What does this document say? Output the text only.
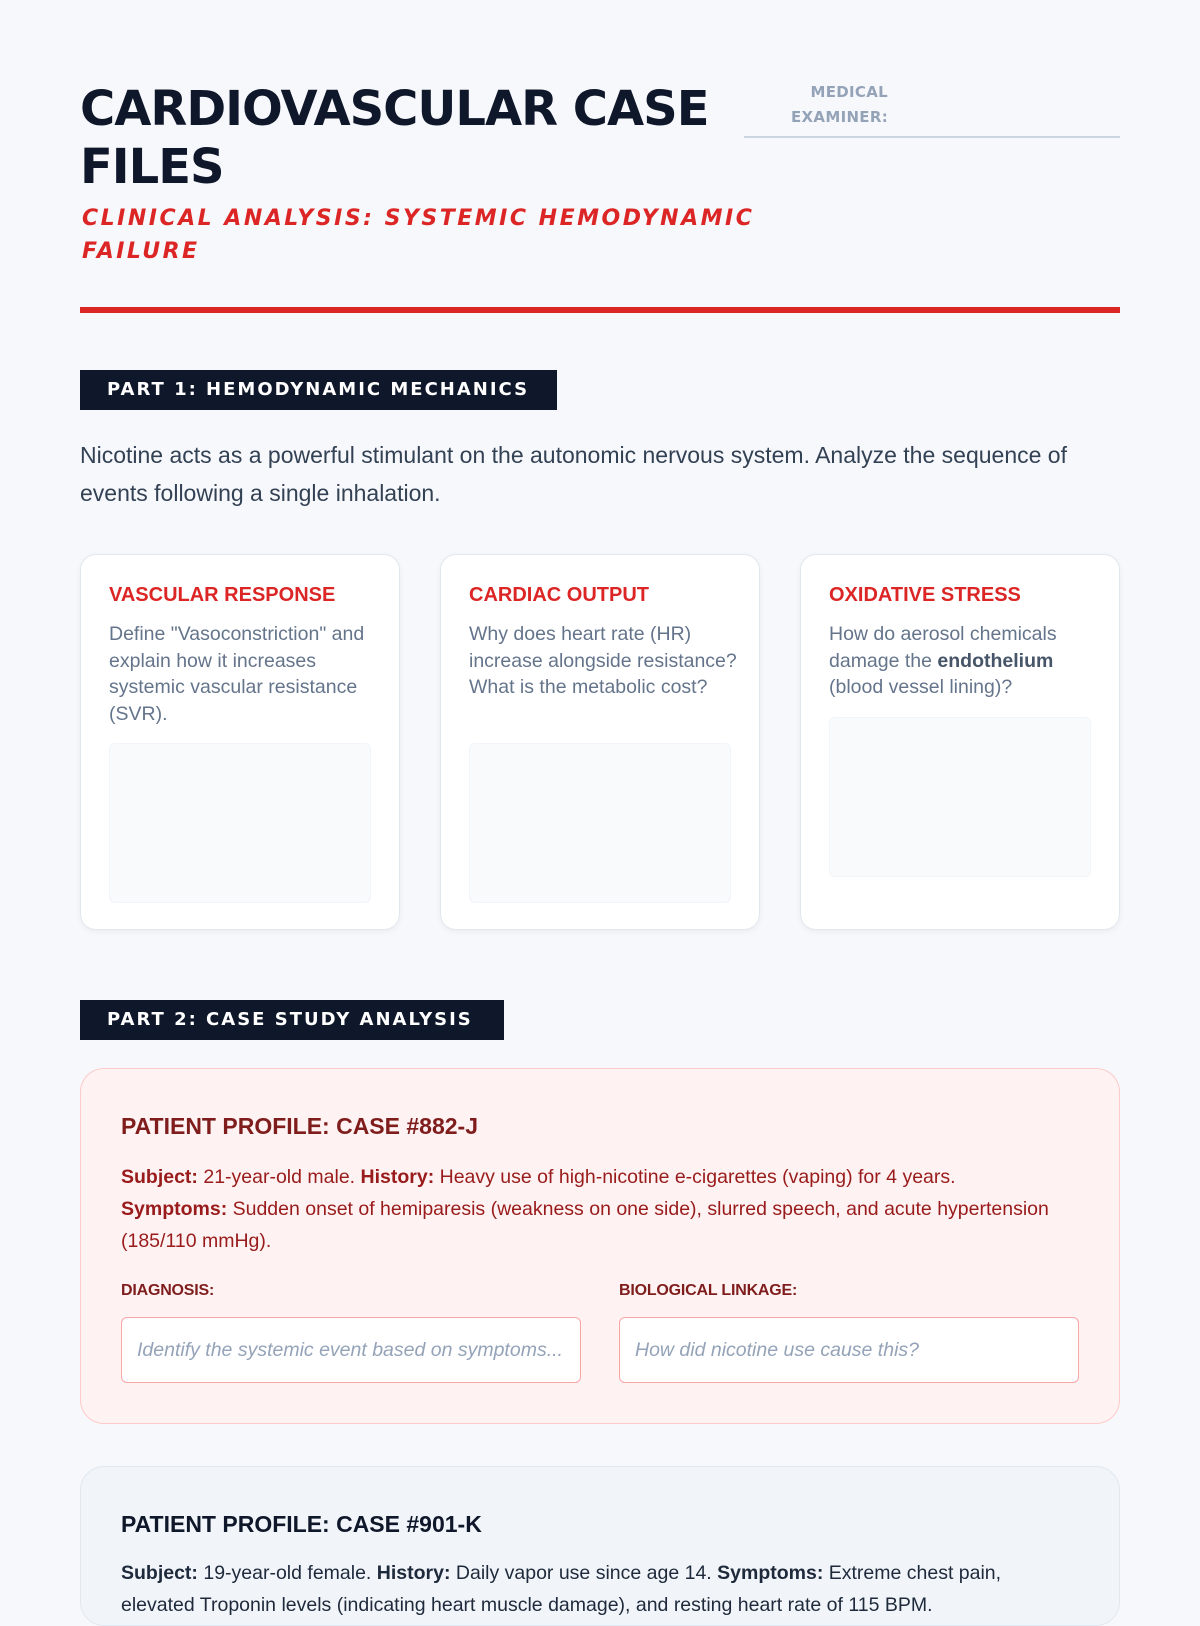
CARDIOVASCULAR CASE FILES
CLINICAL ANALYSIS: SYSTEMIC HEMODYNAMIC FAILURE
MEDICAL EXAMINER:
PART 1: HEMODYNAMIC MECHANICS

Nicotine acts as a powerful stimulant on the autonomic nervous system. Analyze the sequence of events following a single inhalation.

VASCULAR RESPONSE
Define "Vasoconstriction" and explain how it increases systemic vascular resistance (SVR).
CARDIAC OUTPUT
Why does heart rate (HR) increase alongside resistance? What is the metabolic cost?
OXIDATIVE STRESS
How do aerosol chemicals damage the endothelium (blood vessel lining)?
PART 2: CASE STUDY ANALYSIS
PATIENT PROFILE: CASE #882-J

Subject: 21-year-old male. History: Heavy use of high-nicotine e-cigarettes (vaping) for 4 years.
Symptoms: Sudden onset of hemiparesis (weakness on one side), slurred speech, and acute hypertension (185/110 mmHg).

DIAGNOSIS:
Identify the systemic event based on symptoms...
BIOLOGICAL LINKAGE:
How did nicotine use cause this?
PATIENT PROFILE: CASE #901-K

Subject: 19-year-old female. History: Daily vapor use since age 14. Symptoms: Extreme chest pain, elevated Troponin levels (indicating heart muscle damage), and resting heart rate of 115 BPM.
